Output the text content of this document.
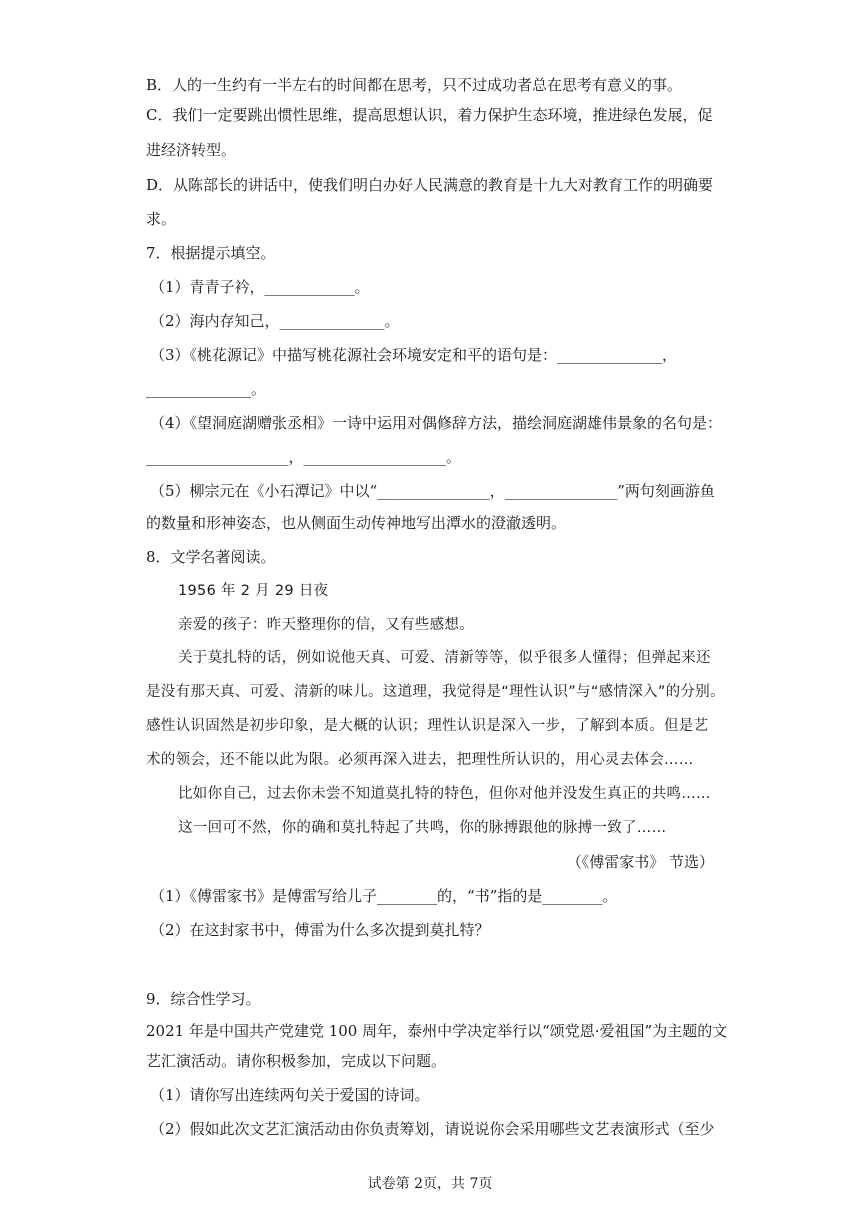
B．人的一生约有一半左右的时间都在思考，只不过成功者总在思考有意义的事。
C．我们一定要跳出惯性思维，提高思想认识，着力保护生态环境，推进绿色发展，促
进经济转型。
D．从陈部长的讲话中，使我们明白办好人民满意的教育是十九大对教育工作的明确要
求。
7．根据提示填空。
（1）青青子衿，____________。
（2）海内存知己，______________。
（3）《桃花源记》中描写桃花源社会环境安定和平的语句是：______________，
______________。
（4）《望洞庭湖赠张丞相》一诗中运用对偶修辞方法，描绘洞庭湖雄伟景象的名句是：
___________________，___________________。
（5）柳宗元在《小石潭记》中以“_______________，_______________”两句刻画游鱼
的数量和形神姿态，也从侧面生动传神地写出潭水的澄澈透明。
8．文学名著阅读。
1956 年 2 月 29 日夜
亲爱的孩子：昨天整理你的信，又有些感想。
关于莫扎特的话，例如说他天真、可爱、清新等等，似乎很多人懂得；但弹起来还
是没有那天真、可爱、清新的味儿。这道理，我觉得是“理性认识”与“感情深入”的分别。
感性认识固然是初步印象，是大概的认识；理性认识是深入一步，了解到本质。但是艺
术的领会，还不能以此为限。必须再深入进去，把理性所认识的，用心灵去体会……
比如你自己，过去你未尝不知道莫扎特的特色，但你对他并没发生真正的共鸣……
这一回可不然，你的确和莫扎特起了共鸣，你的脉搏跟他的脉搏一致了……
（《傅雷家书》 节选）
（1）《傅雷家书》是傅雷写给儿子________的，“书”指的是________。
（2）在这封家书中，傅雷为什么多次提到莫扎特？
9．综合性学习。
2021 年是中国共产党建党 100 周年，泰州中学决定举行以“颂党恩·爱祖国”为主题的文
艺汇演活动。请你积极参加，完成以下问题。
（1）请你写出连续两句关于爱国的诗词。
（2）假如此次文艺汇演活动由你负责筹划，请说说你会采用哪些文艺表演形式（至少
试卷第 2页，共 7页
